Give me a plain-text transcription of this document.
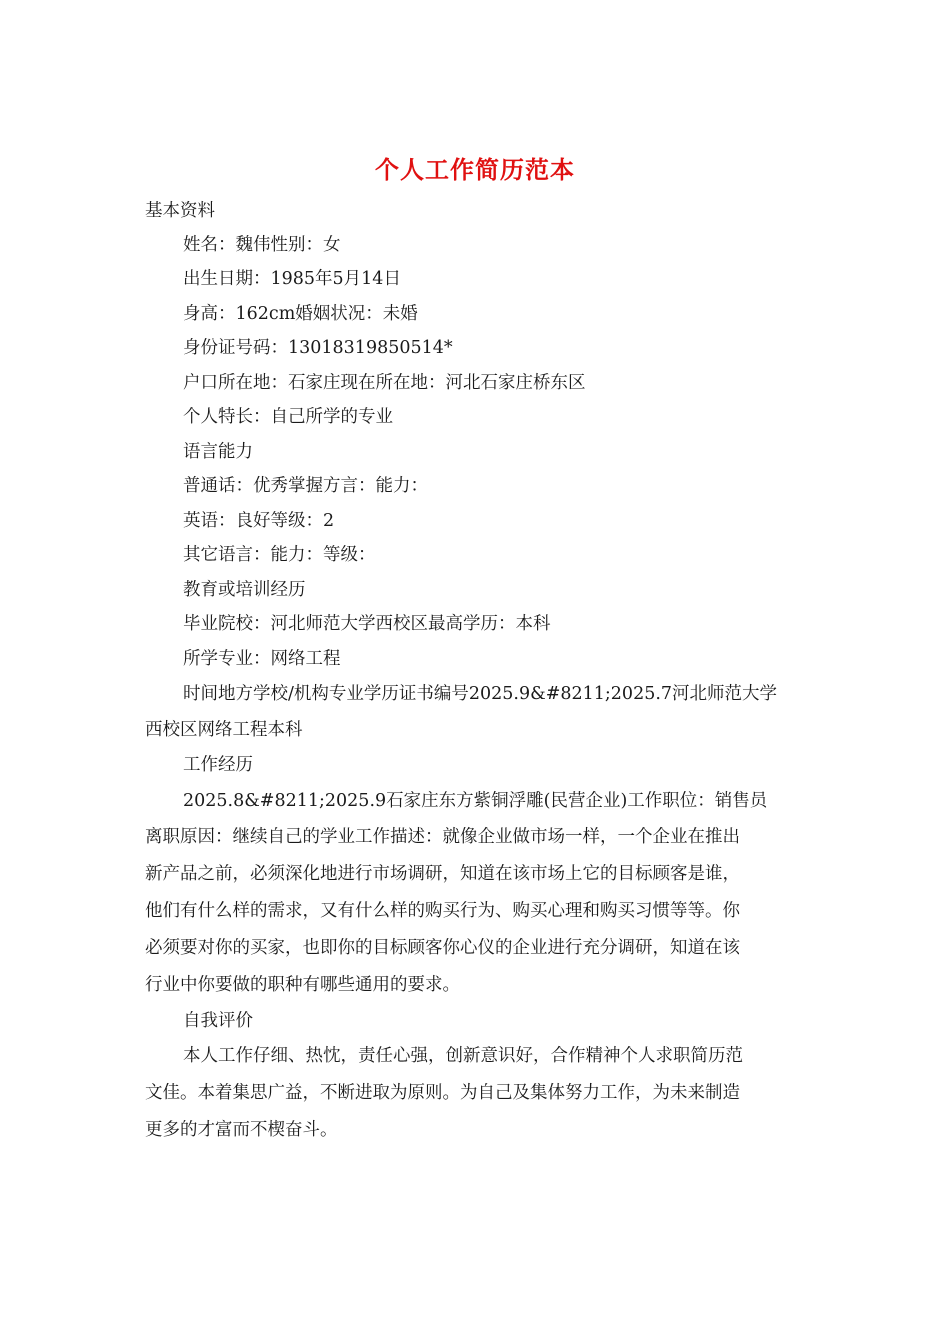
个人工作简历范本
基本资料
姓名：魏伟性别：女
出生日期：1985年5月14日
身高：162cm婚姻状况：未婚
身份证号码：13018319850514*
户口所在地：石家庄现在所在地：河北石家庄桥东区
个人特长：自己所学的专业
语言能力
普通话：优秀掌握方言：能力：
英语：良好等级：2
其它语言：能力：等级：
教育或培训经历
毕业院校：河北师范大学西校区最高学历：本科
所学专业：网络工程
时间地方学校/机构专业学历证书编号2025.9&#8211;2025.7河北师范大学
西校区网络工程本科
工作经历
2025.8&#8211;2025.9石家庄东方紫铜浮雕(民营企业)工作职位：销售员
离职原因：继续自己的学业工作描述：就像企业做市场一样，一个企业在推出
新产品之前，必须深化地进行市场调研，知道在该市场上它的目标顾客是谁，
他们有什么样的需求，又有什么样的购买行为、购买心理和购买习惯等等。你
必须要对你的买家，也即你的目标顾客你心仪的企业进行充分调研，知道在该
行业中你要做的职种有哪些通用的要求。
自我评价
本人工作仔细、热忱，责任心强，创新意识好，合作精神个人求职简历范
文佳。本着集思广益，不断进取为原则。为自己及集体努力工作，为未来制造
更多的才富而不楔奋斗。
